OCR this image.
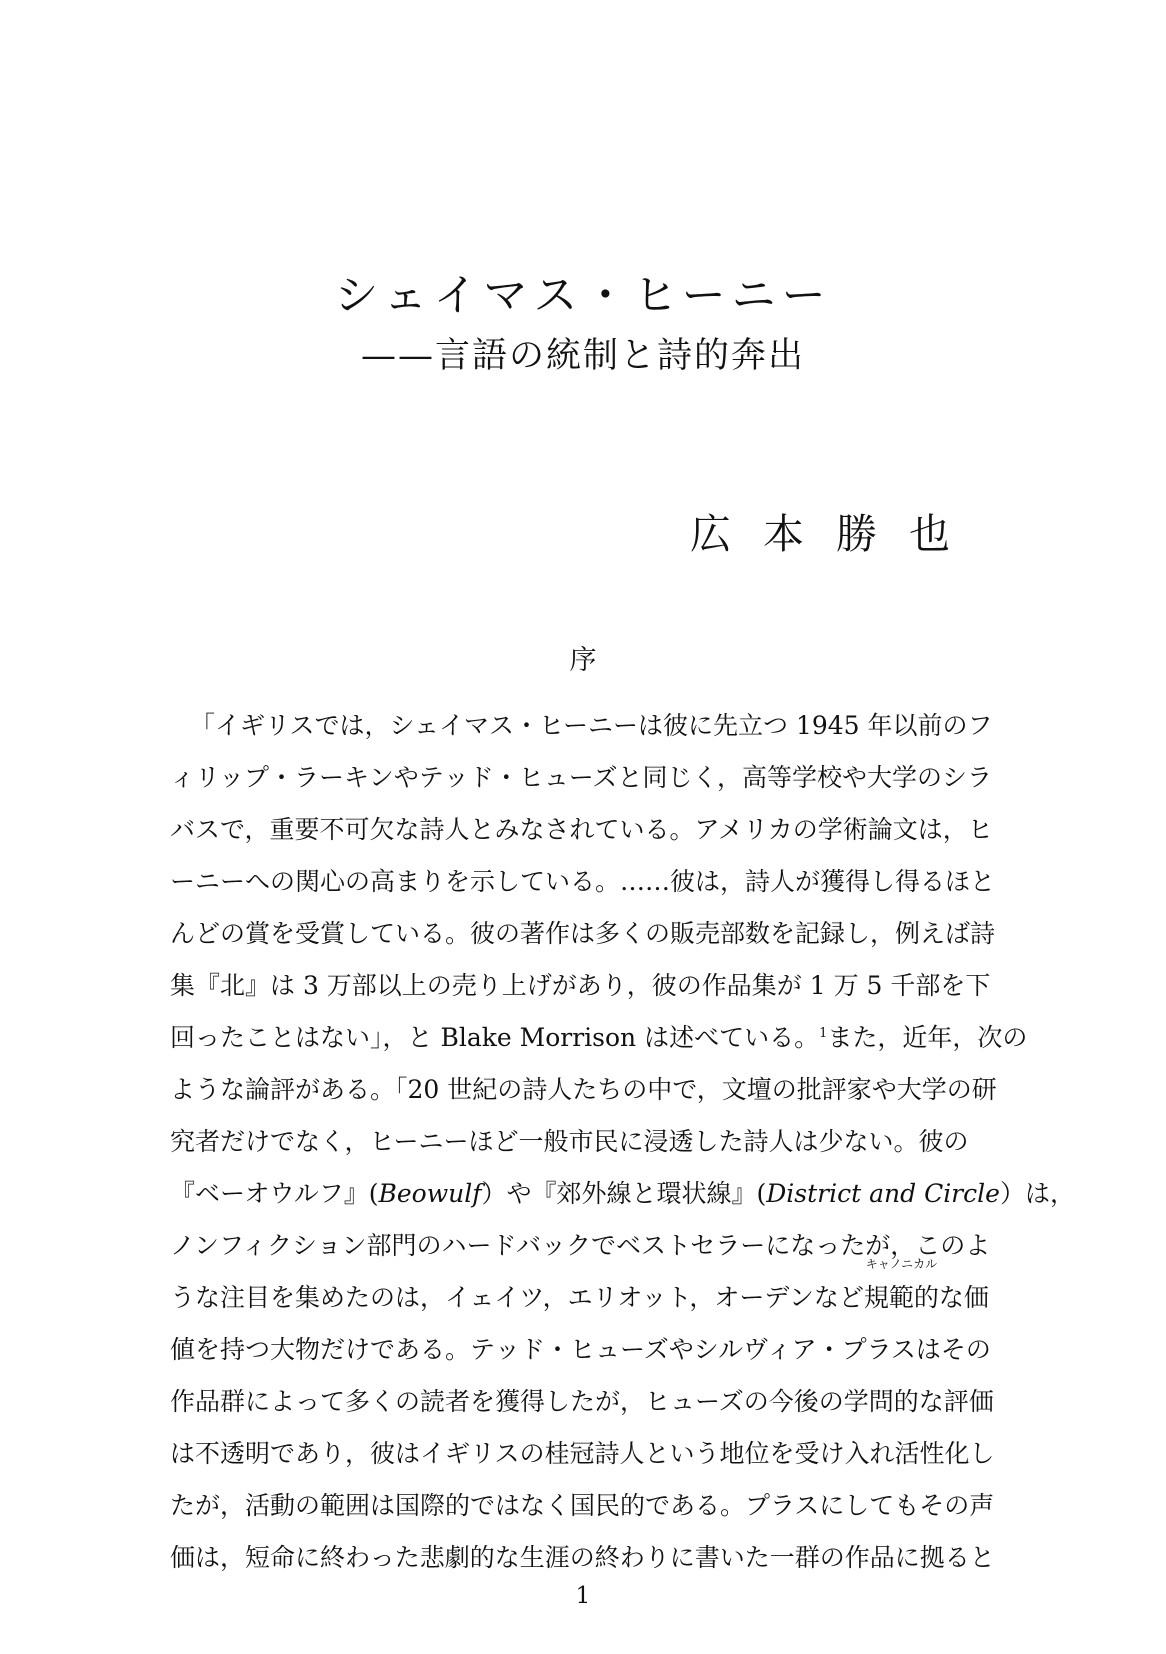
シェイマス・ヒーニー
——言語の統制と詩的奔出
広 本 勝 也
序
「イギリスでは，シェイマス・ヒーニーは彼に先立つ 1945 年以前のフ
ィリップ・ラーキンやテッド・ヒューズと同じく，高等学校や大学のシラ
バスで，重要不可欠な詩人とみなされている。アメリカの学術論文は，ヒ
ーニーへの関心の高まりを示している。……彼は，詩人が獲得し得るほと
んどの賞を受賞している。彼の著作は多くの販売部数を記録し，例えば詩
集『北』は 3 万部以上の売り上げがあり，彼の作品集が 1 万 5 千部を下
回ったことはない」，と Blake Morrison は述べている。$^1$ また，近年，次の
ような論評がある。「20 世紀の詩人たちの中で，文壇の批評家や大学の研
究者だけでなく，ヒーニーほど一般市民に浸透した詩人は少ない。彼の
『ベーオウルフ』(Beowulf）や『郊外線と環状線』(District and Circle）は，
ノンフィクション部門のハードバックでベストセラーになったが，このよ
うな注目を集めたのは，イェイツ，エリオット，オーデンなど
キャノニカル
規範的な価
値を持つ大物だけである。テッド・ヒューズやシルヴィア・プラスはその
作品群によって多くの読者を獲得したが，ヒューズの今後の学問的な評価
は不透明であり，彼はイギリスの桂冠詩人という地位を受け入れ活性化し
たが，活動の範囲は国際的ではなく国民的である。プラスにしてもその声
価は，短命に終わった悲劇的な生涯の終わりに書いた一群の作品に拠ると
1
